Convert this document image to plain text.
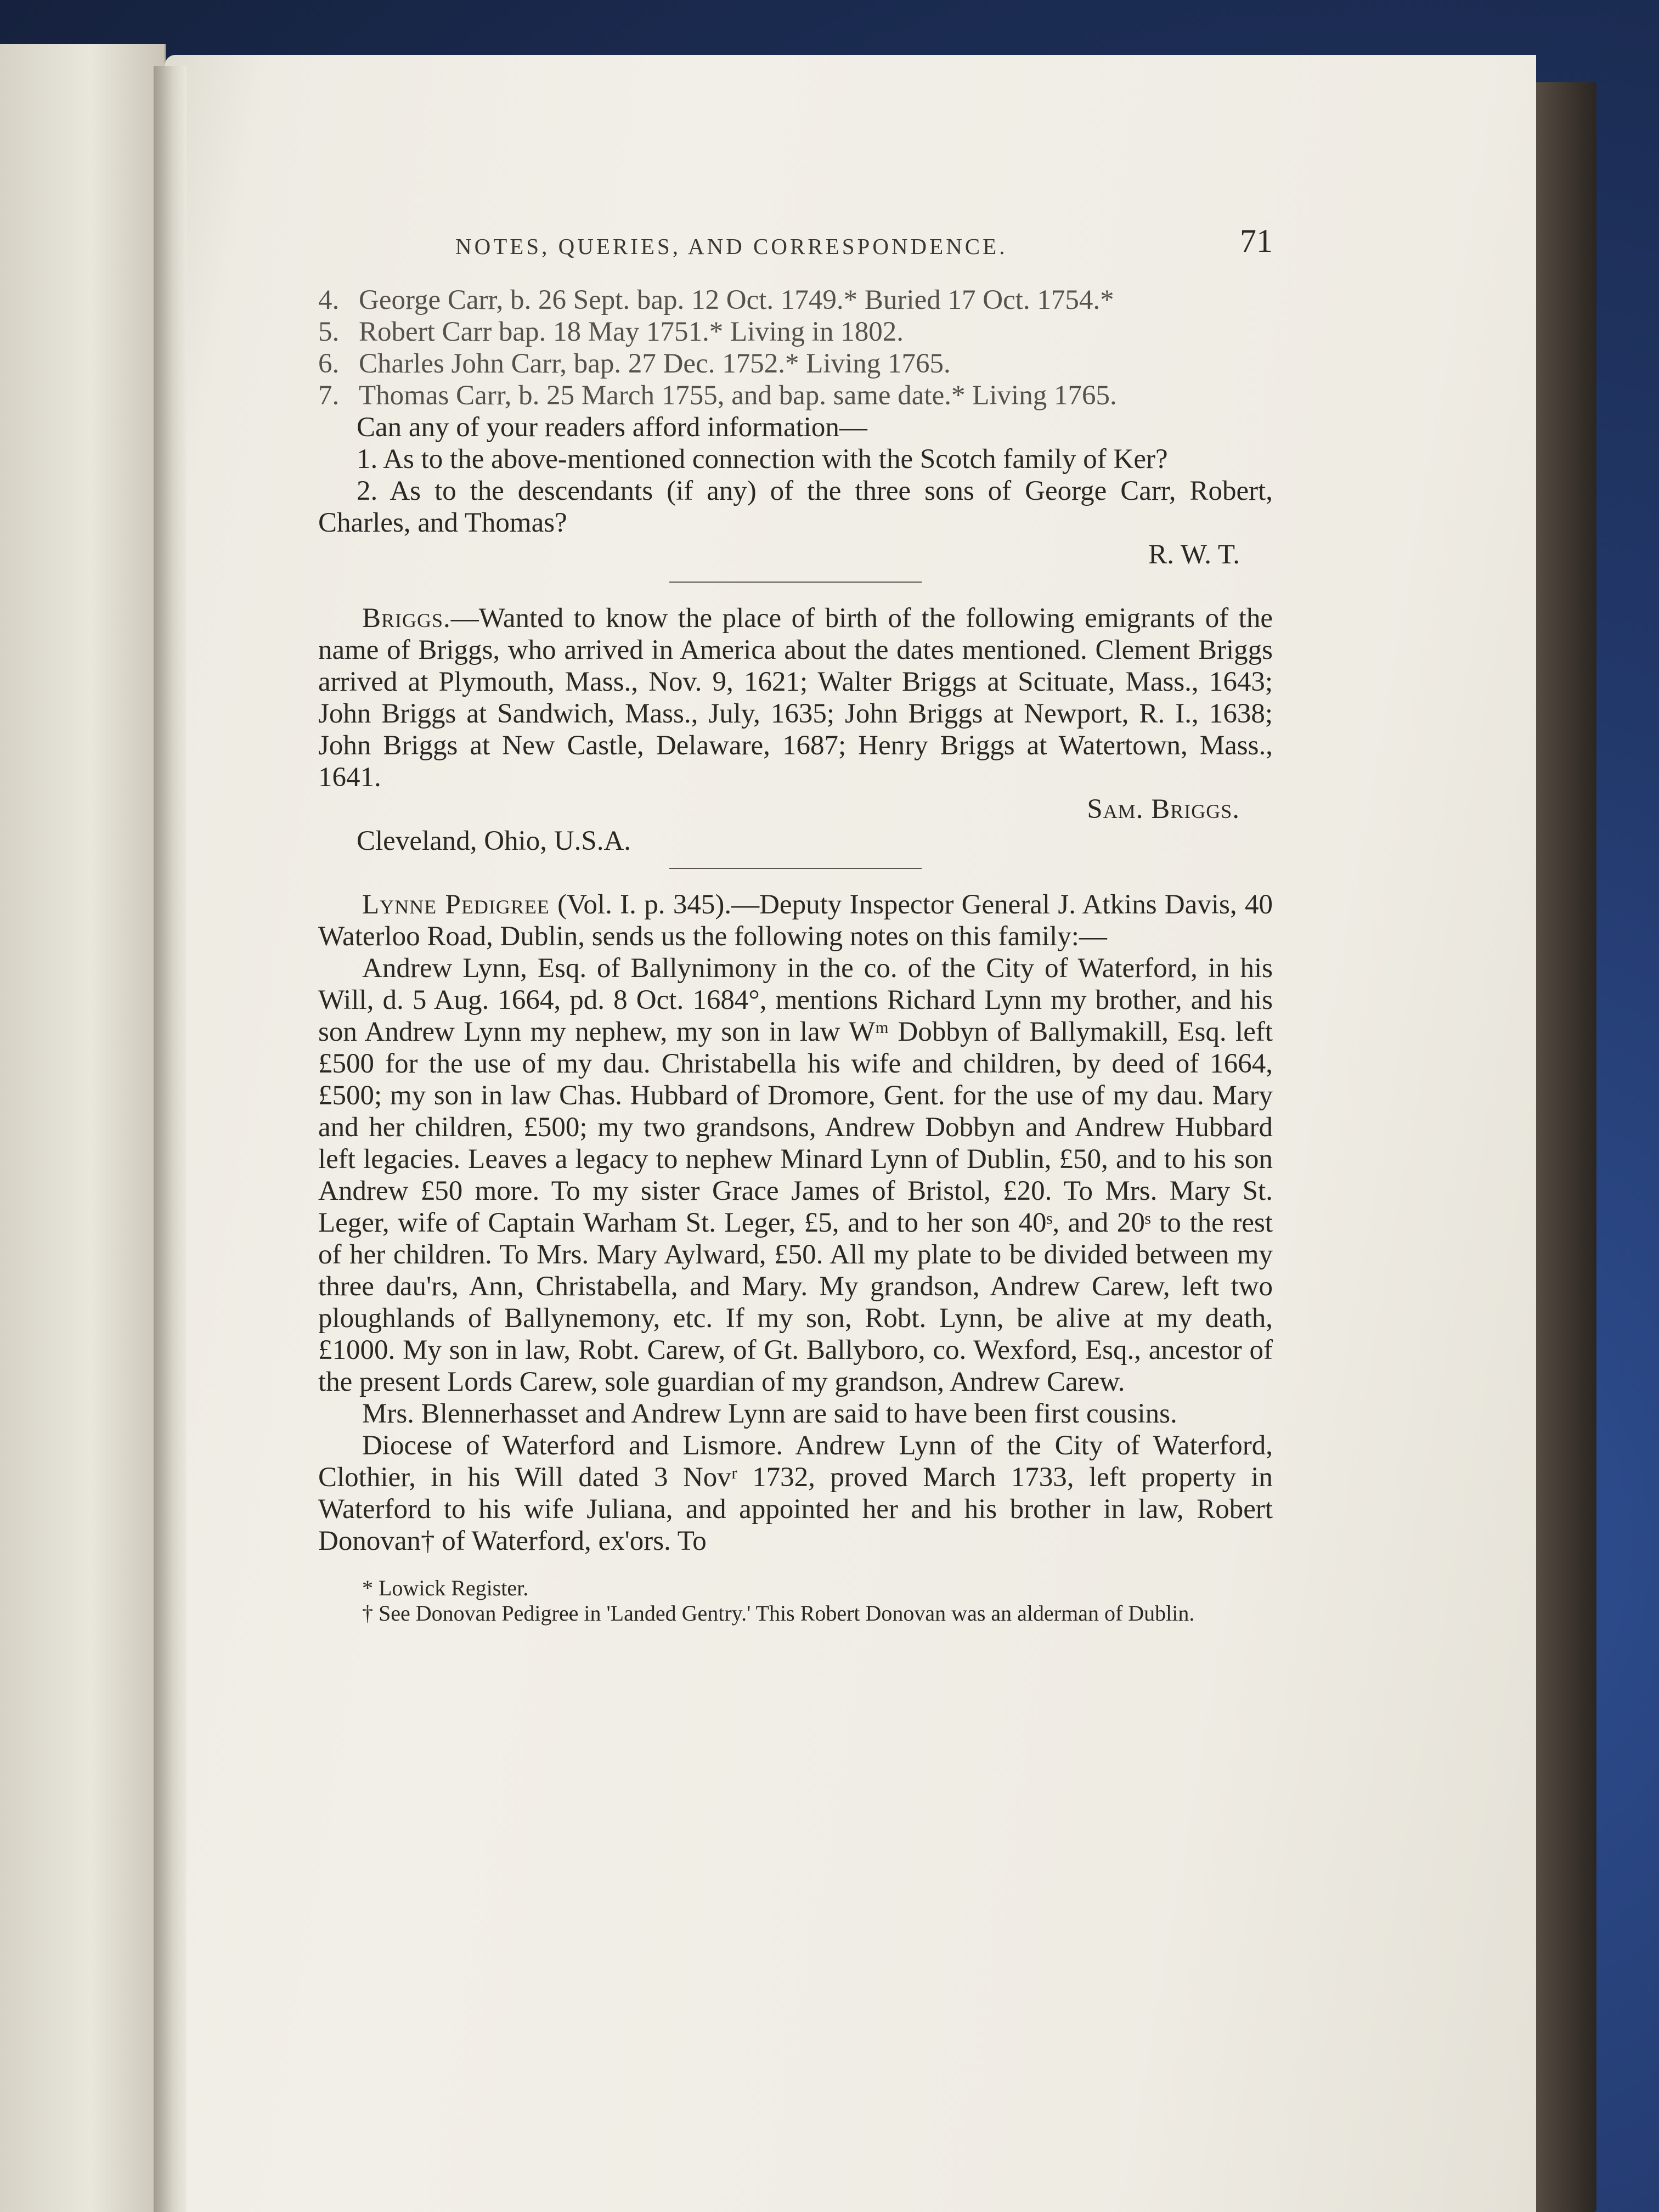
NOTES, QUERIES, AND CORRESPONDENCE.	71

4. George Carr, b. 26 Sept. bap. 12 Oct. 1749.* Buried 17 Oct. 1754.*

5. Robert Carr bap. 18 May 1751.* Living in 1802.

6. Charles John Carr, bap. 27 Dec. 1752.* Living 1765.

7. Thomas Carr, b. 25 March 1755, and bap. same date.* Living 1765.

Can any of your readers afford information—

1. As to the above-mentioned connection with the Scotch family of Ker?

2. As to the descendants (if any) of the three sons of George Carr, Robert, Charles, and Thomas?

R. W. T.

Briggs.—Wanted to know the place of birth of the following emigrants of the name of Briggs, who arrived in America about the dates mentioned. Clement Briggs arrived at Plymouth, Mass., Nov. 9, 1621; Walter Briggs at Scituate, Mass., 1643; John Briggs at Sandwich, Mass., July, 1635; John Briggs at Newport, R. I., 1638; John Briggs at New Castle, Delaware, 1687; Henry Briggs at Watertown, Mass., 1641.

Sam. Briggs.

Cleveland, Ohio, U.S.A.

Lynne Pedigree (Vol. I. p. 345).—Deputy Inspector General J. Atkins Davis, 40 Waterloo Road, Dublin, sends us the following notes on this family:—

Andrew Lynn, Esq. of Ballynimony in the co. of the City of Waterford, in his Will, d. 5 Aug. 1664, pd. 8 Oct. 1684°, mentions Richard Lynn my brother, and his son Andrew Lynn my nephew, my son in law Wᵐ Dobbyn of Ballymakill, Esq. left £500 for the use of my dau. Christabella his wife and children, by deed of 1664, £500; my son in law Chas. Hubbard of Dromore, Gent. for the use of my dau. Mary and her children, £500; my two grandsons, Andrew Dobbyn and Andrew Hubbard left legacies. Leaves a legacy to nephew Minard Lynn of Dublin, £50, and to his son Andrew £50 more. To my sister Grace James of Bristol, £20. To Mrs. Mary St. Leger, wife of Captain Warham St. Leger, £5, and to her son 40ˢ, and 20ˢ to the rest of her children. To Mrs. Mary Aylward, £50. All my plate to be divided between my three dau'rs, Ann, Christabella, and Mary. My grandson, Andrew Carew, left two ploughlands of Ballynemony, etc. If my son, Robt. Lynn, be alive at my death, £1000. My son in law, Robt. Carew, of Gt. Ballyboro, co. Wexford, Esq., ancestor of the present Lords Carew, sole guardian of my grandson, Andrew Carew.

Mrs. Blennerhasset and Andrew Lynn are said to have been first cousins.

Diocese of Waterford and Lismore. Andrew Lynn of the City of Waterford, Clothier, in his Will dated 3 Novʳ 1732, proved March 1733, left property in Waterford to his wife Juliana, and appointed her and his brother in law, Robert Donovan† of Waterford, ex'ors. To

* Lowick Register.

† See Donovan Pedigree in 'Landed Gentry.' This Robert Donovan was an alderman of Dublin.
